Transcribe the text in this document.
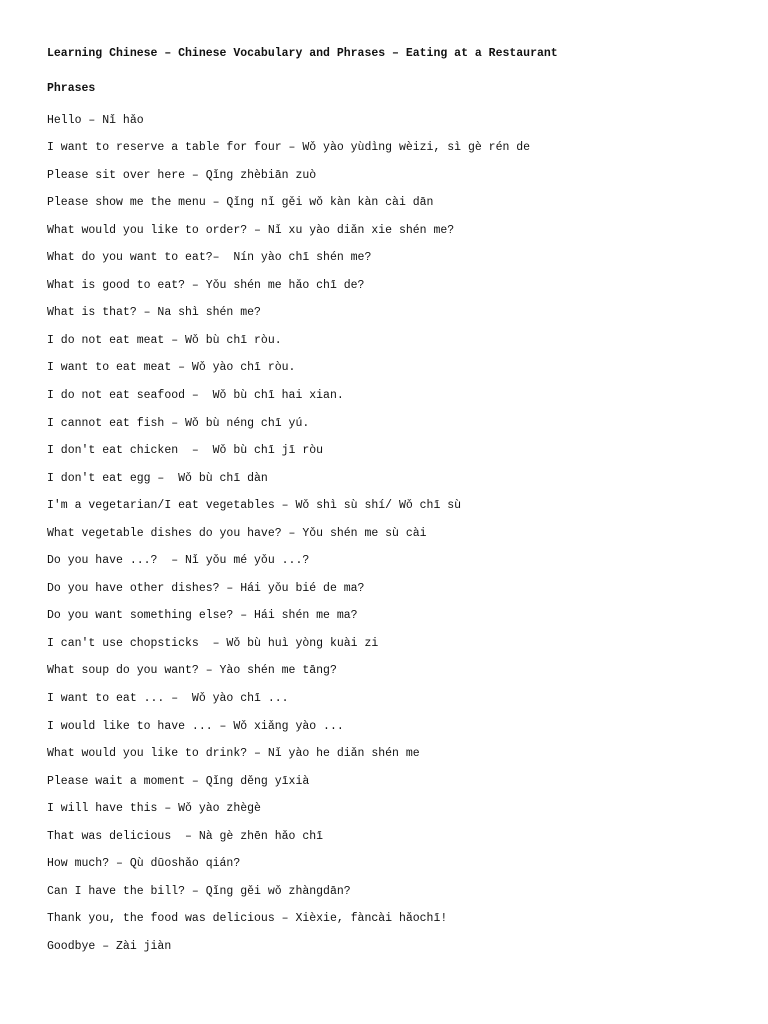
Learning Chinese – Chinese Vocabulary and Phrases – Eating at a Restaurant
Phrases
Hello – Nǐ hǎo
I want to reserve a table for four – Wǒ yào yùdìng wèizi, sì gè rén de
Please sit over here – Qǐng zhèbiān zuò
Please show me the menu – Qǐng nǐ gěi wǒ kàn kàn cài dān
What would you like to order? – Nǐ xu yào diǎn xie shén me?
What do you want to eat?–  Nín yào chī shén me?
What is good to eat? – Yǒu shén me hǎo chī de?
What is that? – Na shì shén me?
I do not eat meat – Wǒ bù chī ròu.
I want to eat meat – Wǒ yào chī ròu.
I do not eat seafood –  Wǒ bù chī hai xian.
I cannot eat fish – Wǒ bù néng chī yú.
I don't eat chicken  –  Wǒ bù chī jī ròu
I don't eat egg –  Wǒ bù chī dàn
I'm a vegetarian/I eat vegetables – Wǒ shì sù shí/ Wǒ chī sù
What vegetable dishes do you have? – Yǒu shén me sù cài
Do you have ...?  – Nǐ yǒu mé yǒu ...?
Do you have other dishes? – Hái yǒu bié de ma?
Do you want something else? – Hái shén me ma?
I can't use chopsticks  – Wǒ bù huì yòng kuài zi
What soup do you want? – Yào shén me tāng?
I want to eat ... –  Wǒ yào chī ...
I would like to have ... – Wǒ xiǎng yào ...
What would you like to drink? – Nǐ yào he diǎn shén me
Please wait a moment – Qǐng děng yīxià
I will have this – Wǒ yào zhègè
That was delicious  – Nà gè zhēn hǎo chī
How much? – Qù dūoshǎo qián?
Can I have the bill? – Qǐng gěi wǒ zhàngdān?
Thank you, the food was delicious – Xièxie, fàncài hǎochī!
Goodbye – Zài jiàn
